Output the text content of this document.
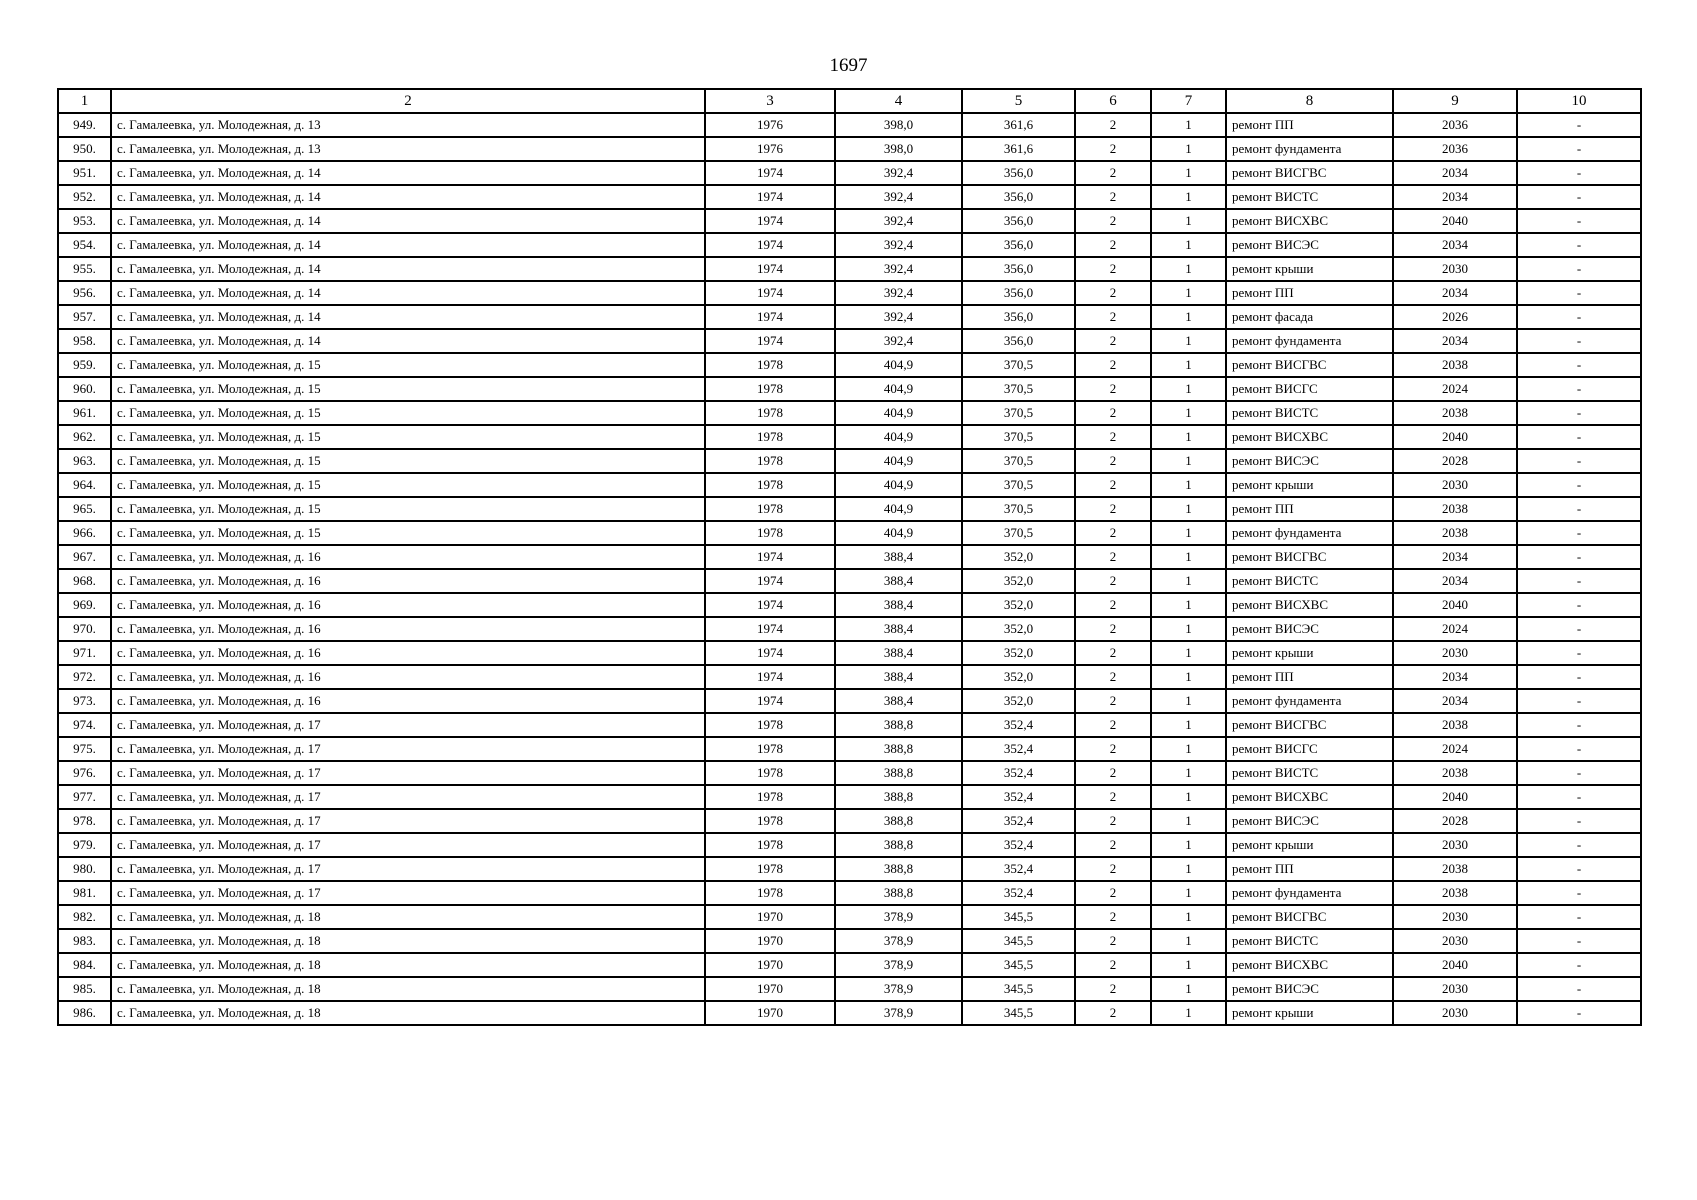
1697
1	2	3	4	5	6	7	8	9	10
949.	с. Гамалеевка, ул. Молодежная, д. 13	1976	398,0	361,6	2	1	ремонт ПП	2036	-
950.	с. Гамалеевка, ул. Молодежная, д. 13	1976	398,0	361,6	2	1	ремонт фундамента	2036	-
951.	с. Гамалеевка, ул. Молодежная, д. 14	1974	392,4	356,0	2	1	ремонт ВИСГВС	2034	-
952.	с. Гамалеевка, ул. Молодежная, д. 14	1974	392,4	356,0	2	1	ремонт ВИСТС	2034	-
953.	с. Гамалеевка, ул. Молодежная, д. 14	1974	392,4	356,0	2	1	ремонт ВИСХВС	2040	-
954.	с. Гамалеевка, ул. Молодежная, д. 14	1974	392,4	356,0	2	1	ремонт ВИСЭС	2034	-
955.	с. Гамалеевка, ул. Молодежная, д. 14	1974	392,4	356,0	2	1	ремонт крыши	2030	-
956.	с. Гамалеевка, ул. Молодежная, д. 14	1974	392,4	356,0	2	1	ремонт ПП	2034	-
957.	с. Гамалеевка, ул. Молодежная, д. 14	1974	392,4	356,0	2	1	ремонт фасада	2026	-
958.	с. Гамалеевка, ул. Молодежная, д. 14	1974	392,4	356,0	2	1	ремонт фундамента	2034	-
959.	с. Гамалеевка, ул. Молодежная, д. 15	1978	404,9	370,5	2	1	ремонт ВИСГВС	2038	-
960.	с. Гамалеевка, ул. Молодежная, д. 15	1978	404,9	370,5	2	1	ремонт ВИСГС	2024	-
961.	с. Гамалеевка, ул. Молодежная, д. 15	1978	404,9	370,5	2	1	ремонт ВИСТС	2038	-
962.	с. Гамалеевка, ул. Молодежная, д. 15	1978	404,9	370,5	2	1	ремонт ВИСХВС	2040	-
963.	с. Гамалеевка, ул. Молодежная, д. 15	1978	404,9	370,5	2	1	ремонт ВИСЭС	2028	-
964.	с. Гамалеевка, ул. Молодежная, д. 15	1978	404,9	370,5	2	1	ремонт крыши	2030	-
965.	с. Гамалеевка, ул. Молодежная, д. 15	1978	404,9	370,5	2	1	ремонт ПП	2038	-
966.	с. Гамалеевка, ул. Молодежная, д. 15	1978	404,9	370,5	2	1	ремонт фундамента	2038	-
967.	с. Гамалеевка, ул. Молодежная, д. 16	1974	388,4	352,0	2	1	ремонт ВИСГВС	2034	-
968.	с. Гамалеевка, ул. Молодежная, д. 16	1974	388,4	352,0	2	1	ремонт ВИСТС	2034	-
969.	с. Гамалеевка, ул. Молодежная, д. 16	1974	388,4	352,0	2	1	ремонт ВИСХВС	2040	-
970.	с. Гамалеевка, ул. Молодежная, д. 16	1974	388,4	352,0	2	1	ремонт ВИСЭС	2024	-
971.	с. Гамалеевка, ул. Молодежная, д. 16	1974	388,4	352,0	2	1	ремонт крыши	2030	-
972.	с. Гамалеевка, ул. Молодежная, д. 16	1974	388,4	352,0	2	1	ремонт ПП	2034	-
973.	с. Гамалеевка, ул. Молодежная, д. 16	1974	388,4	352,0	2	1	ремонт фундамента	2034	-
974.	с. Гамалеевка, ул. Молодежная, д. 17	1978	388,8	352,4	2	1	ремонт ВИСГВС	2038	-
975.	с. Гамалеевка, ул. Молодежная, д. 17	1978	388,8	352,4	2	1	ремонт ВИСГС	2024	-
976.	с. Гамалеевка, ул. Молодежная, д. 17	1978	388,8	352,4	2	1	ремонт ВИСТС	2038	-
977.	с. Гамалеевка, ул. Молодежная, д. 17	1978	388,8	352,4	2	1	ремонт ВИСХВС	2040	-
978.	с. Гамалеевка, ул. Молодежная, д. 17	1978	388,8	352,4	2	1	ремонт ВИСЭС	2028	-
979.	с. Гамалеевка, ул. Молодежная, д. 17	1978	388,8	352,4	2	1	ремонт крыши	2030	-
980.	с. Гамалеевка, ул. Молодежная, д. 17	1978	388,8	352,4	2	1	ремонт ПП	2038	-
981.	с. Гамалеевка, ул. Молодежная, д. 17	1978	388,8	352,4	2	1	ремонт фундамента	2038	-
982.	с. Гамалеевка, ул. Молодежная, д. 18	1970	378,9	345,5	2	1	ремонт ВИСГВС	2030	-
983.	с. Гамалеевка, ул. Молодежная, д. 18	1970	378,9	345,5	2	1	ремонт ВИСТС	2030	-
984.	с. Гамалеевка, ул. Молодежная, д. 18	1970	378,9	345,5	2	1	ремонт ВИСХВС	2040	-
985.	с. Гамалеевка, ул. Молодежная, д. 18	1970	378,9	345,5	2	1	ремонт ВИСЭС	2030	-
986.	с. Гамалеевка, ул. Молодежная, д. 18	1970	378,9	345,5	2	1	ремонт крыши	2030	-
